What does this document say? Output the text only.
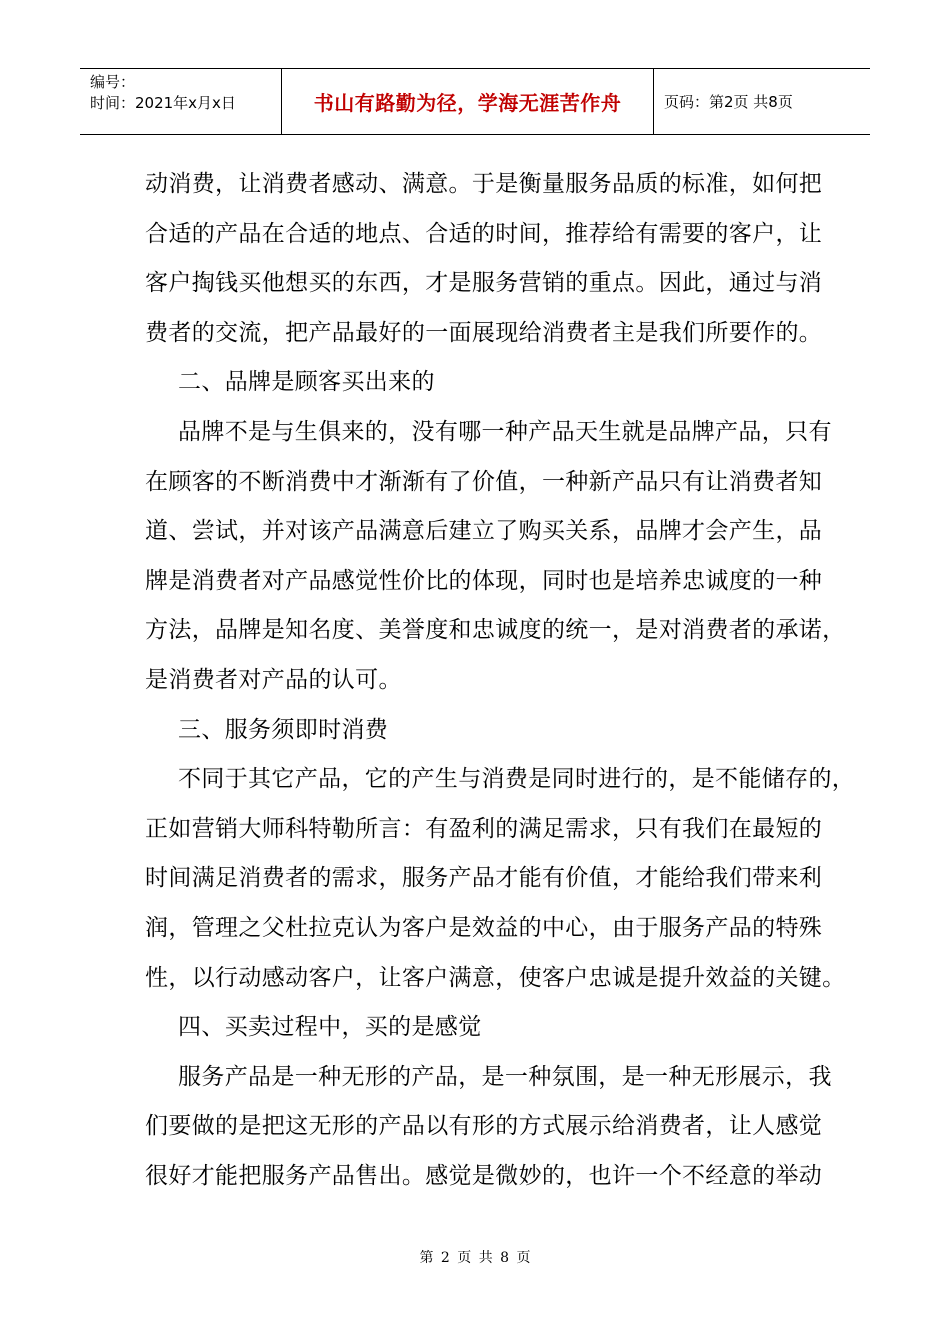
编号：
时间：2021年x月x日	书山有路勤为径，学海无涯苦作舟	页码：第2页 共8页
动消费，让消费者感动、满意。于是衡量服务品质的标准，如何把
合适的产品在合适的地点、合适的时间，推荐给有需要的客户，让
客户掏钱买他想买的东西，才是服务营销的重点。因此，通过与消
费者的交流，把产品最好的一面展现给消费者主是我们所要作的。
二、品牌是顾客买出来的
品牌不是与生俱来的，没有哪一种产品天生就是品牌产品，只有
在顾客的不断消费中才渐渐有了价值，一种新产品只有让消费者知
道、尝试，并对该产品满意后建立了购买关系，品牌才会产生，品
牌是消费者对产品感觉性价比的体现，同时也是培养忠诚度的一种
方法，品牌是知名度、美誉度和忠诚度的统一，是对消费者的承诺，
是消费者对产品的认可。
三、服务须即时消费
不同于其它产品，它的产生与消费是同时进行的，是不能储存的，
正如营销大师科特勒所言：有盈利的满足需求，只有我们在最短的
时间满足消费者的需求，服务产品才能有价值，才能给我们带来利
润，管理之父杜拉克认为客户是效益的中心，由于服务产品的特殊
性，以行动感动客户，让客户满意，使客户忠诚是提升效益的关键。
四、买卖过程中，买的是感觉
服务产品是一种无形的产品，是一种氛围，是一种无形展示，我
们要做的是把这无形的产品以有形的方式展示给消费者，让人感觉
很好才能把服务产品售出。感觉是微妙的，也许一个不经意的举动
第 2 页 共 8 页
